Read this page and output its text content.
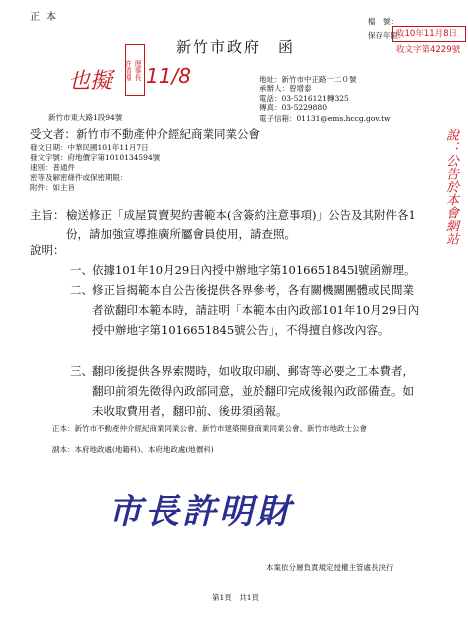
正本
新竹市政府　函
檔　號：
保存年限：
收10年11月8日
收文字第4229號
理事長
許清淵
也擬 11/8	地址：新竹市中正路一二０號
承辦人：曾增泰
電話：03-5216121轉325
傳真：03-5229880
電子信箱：01131@ems.hccg.gov.tw
新竹市東大路1段94號
說：公告於本會網站
受文者：新竹市不動產仲介經紀商業同業公會
發文日期：中華民國101年11月7日
發文字號：府地價字第1010134594號
速別：普通件
密等及解密條件或保密期限：
附件：如主旨
主旨： 檢送修正「成屋買賣契約書範本(含簽約注意事項)」公告及其附件各1份，請加強宣導推廣所屬會員使用，請查照。
說明：
一、 依據101年10月29日內授中辦地字第1016651845l號函辦理。
二、 修正旨揭範本自公告後提供各界參考，各有關機關團體或民間業者欲翻印本範本時，請註明「本範本由內政部101年10月29日內授中辦地字第1016651845號公告」，不得擅自修改內容。
三、 翻印後提供各界索閱時，如收取印刷、郵寄等必要之工本費者，翻印前須先徵得內政部同意，並於翻印完成後報內政部備查。如未收取費用者，翻印前、後毋須函報。
正本：新竹市不動產仲介經紀商業同業公會、新竹市建築開發商業同業公會、新竹市地政士公會
副本：本府地政處(地籍科)、本府地政處(地價科)
市長許明財
本案依分層負責規定授權主管處長決行
第1頁　共1頁
